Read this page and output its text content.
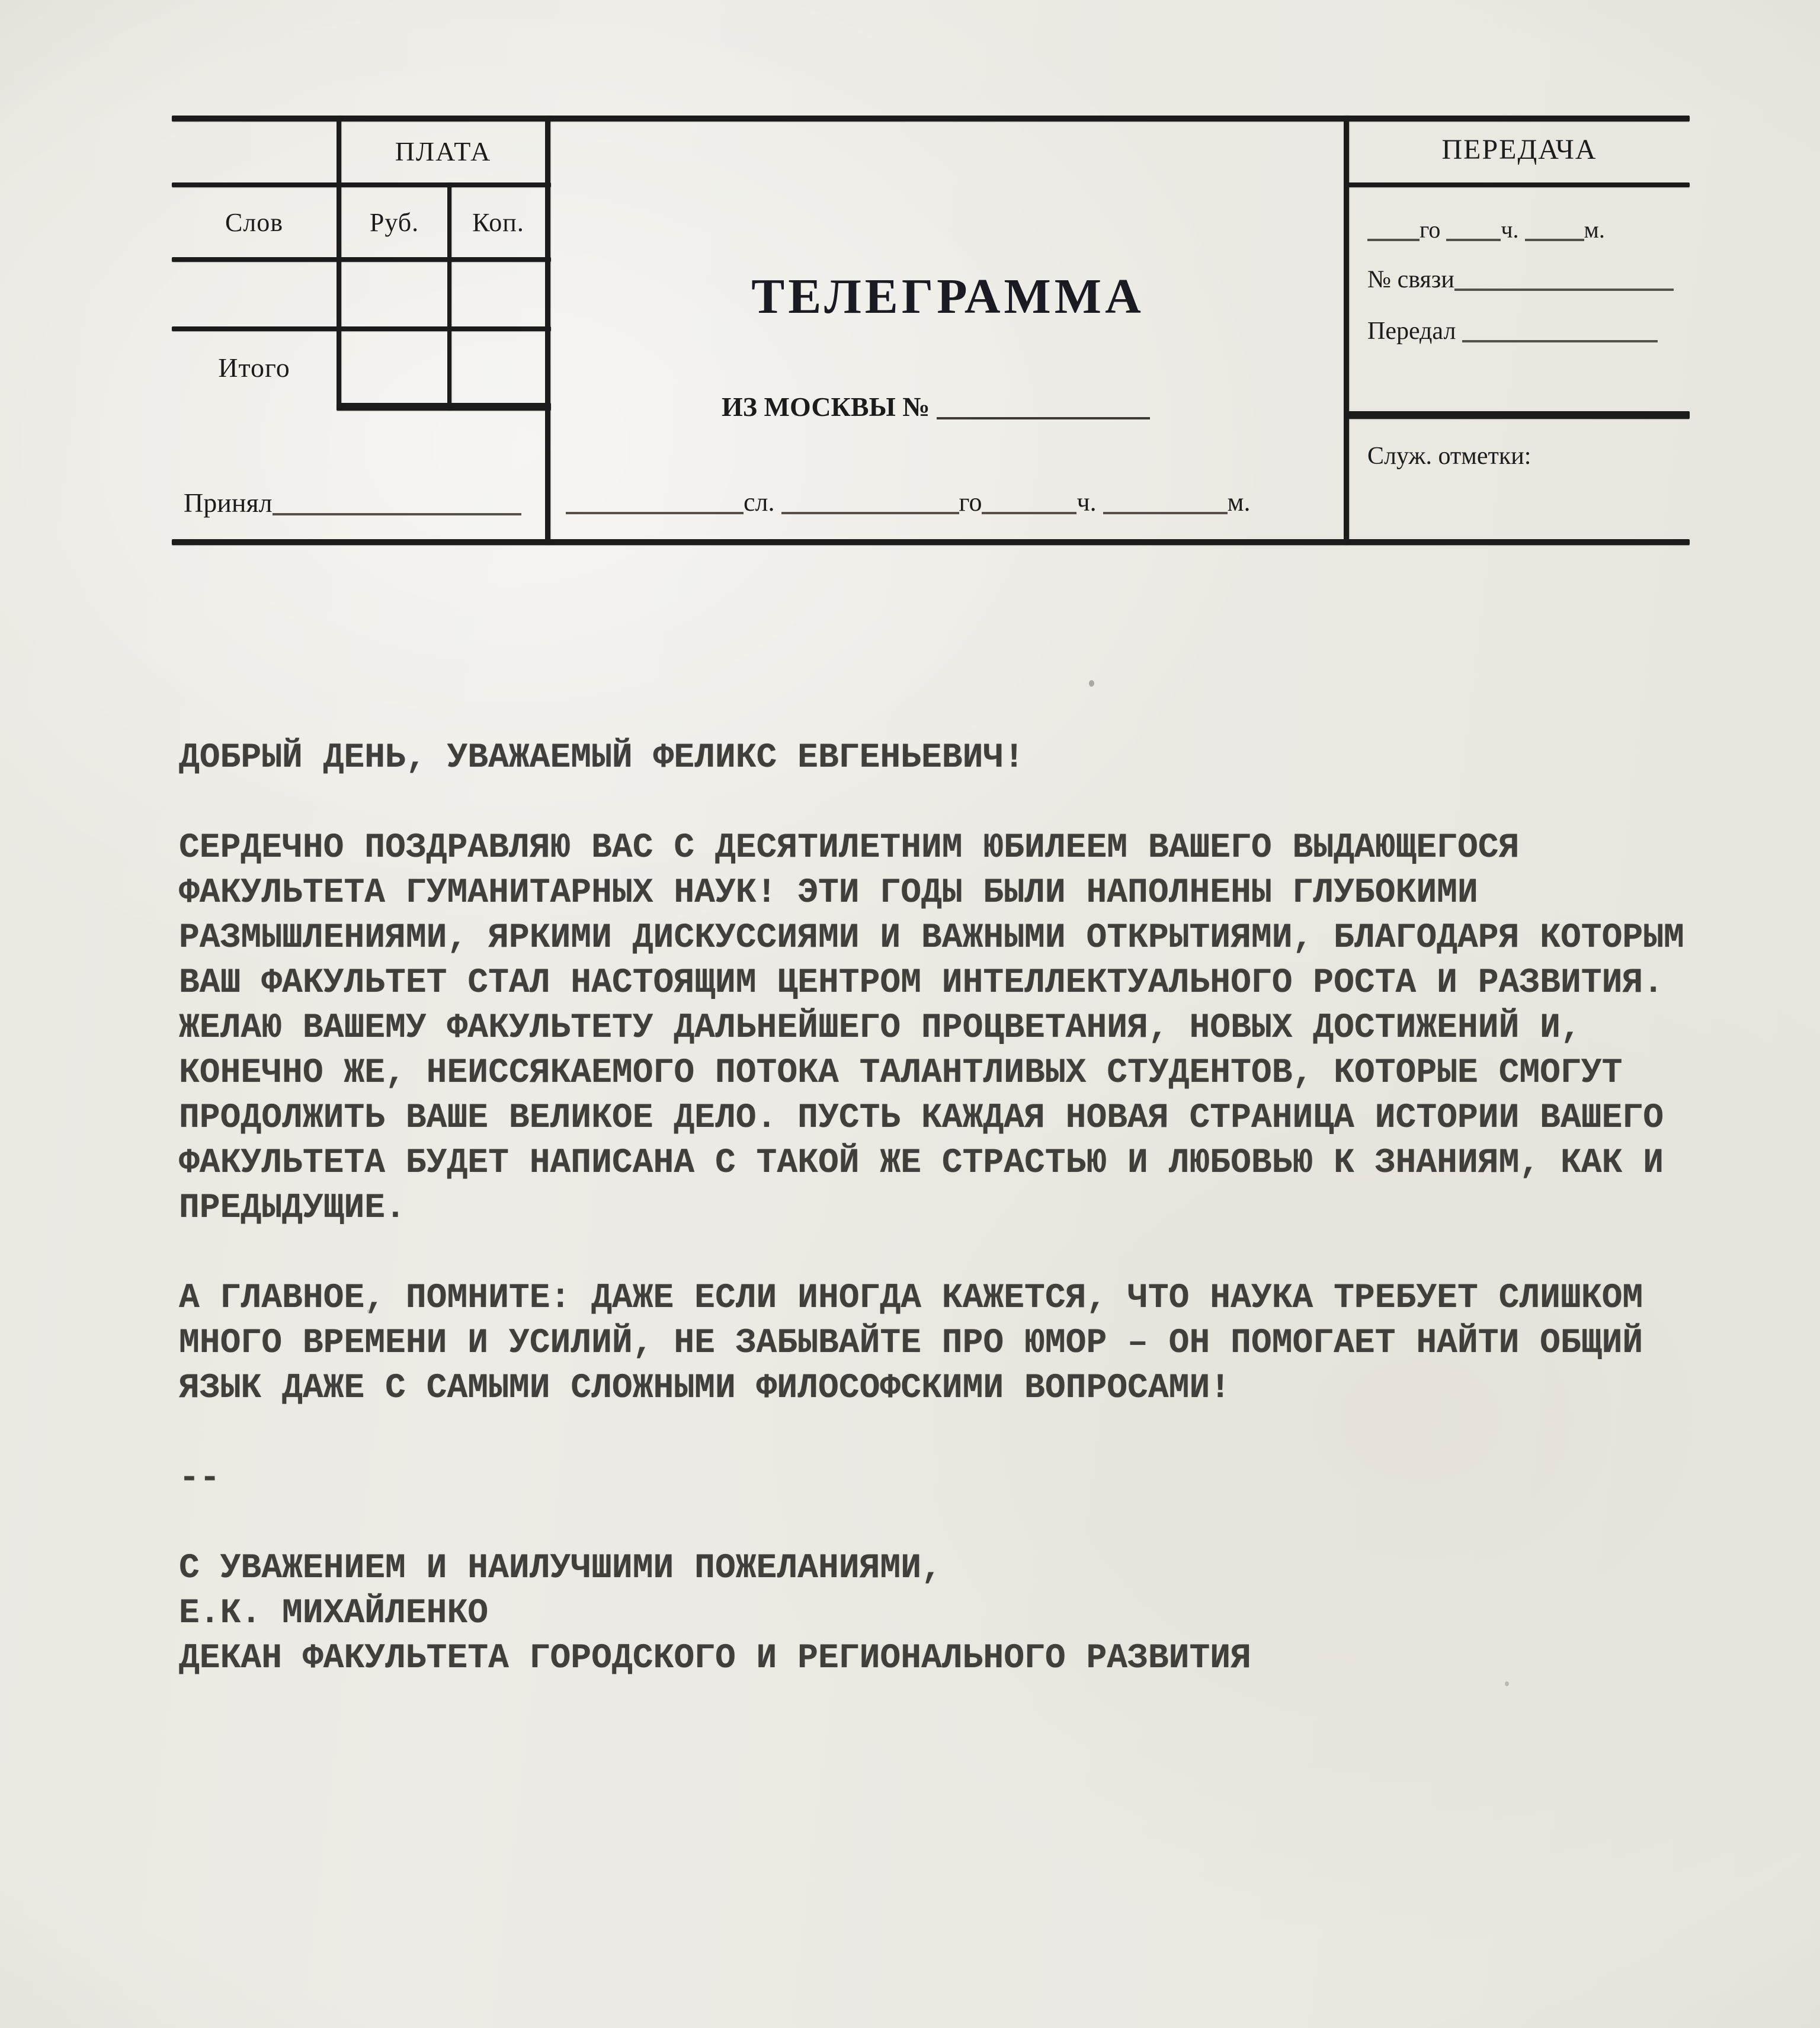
ПЛАТА
Слов	Руб. Коп.
Итого
Принял
ТЕЛЕГРАММА
ИЗ МОСКВЫ №
сл.	го	ч.	м.
ПЕРЕДАЧА
го	ч.	м.
№ связи
Передал
Служ. отметки:
ДОБРЫЙ ДЕНЬ, УВАЖАЕМЫЙ ФЕЛИКС ЕВГЕНЬЕВИЧ!
СЕРДЕЧНО ПОЗДРАВЛЯЮ ВАС С ДЕСЯТИЛЕТНИМ ЮБИЛЕЕМ ВАШЕГО ВЫДАЮЩЕГОСЯ
ФАКУЛЬТЕТА ГУМАНИТАРНЫХ НАУК! ЭТИ ГОДЫ БЫЛИ НАПОЛНЕНЫ ГЛУБОКИМИ
РАЗМЫШЛЕНИЯМИ, ЯРКИМИ ДИСКУССИЯМИ И ВАЖНЫМИ ОТКРЫТИЯМИ, БЛАГОДАРЯ КОТОРЫМ
ВАШ ФАКУЛЬТЕТ СТАЛ НАСТОЯЩИМ ЦЕНТРОМ ИНТЕЛЛЕКТУАЛЬНОГО РОСТА И РАЗВИТИЯ.
ЖЕЛАЮ ВАШЕМУ ФАКУЛЬТЕТУ ДАЛЬНЕЙШЕГО ПРОЦВЕТАНИЯ, НОВЫХ ДОСТИЖЕНИЙ И,
КОНЕЧНО ЖЕ, НЕИССЯКАЕМОГО ПОТОКА ТАЛАНТЛИВЫХ СТУДЕНТОВ, КОТОРЫЕ СМОГУТ
ПРОДОЛЖИТЬ ВАШЕ ВЕЛИКОЕ ДЕЛО. ПУСТЬ КАЖДАЯ НОВАЯ СТРАНИЦА ИСТОРИИ ВАШЕГО
ФАКУЛЬТЕТА БУДЕТ НАПИСАНА С ТАКОЙ ЖЕ СТРАСТЬЮ И ЛЮБОВЬЮ К ЗНАНИЯМ, КАК И
ПРЕДЫДУЩИЕ.
А ГЛАВНОЕ, ПОМНИТЕ: ДАЖЕ ЕСЛИ ИНОГДА КАЖЕТСЯ, ЧТО НАУКА ТРЕБУЕТ СЛИШКОМ
МНОГО ВРЕМЕНИ И УСИЛИЙ, НЕ ЗАБЫВАЙТЕ ПРО ЮМОР – ОН ПОМОГАЕТ НАЙТИ ОБЩИЙ
ЯЗЫК ДАЖЕ С САМЫМИ СЛОЖНЫМИ ФИЛОСОФСКИМИ ВОПРОСАМИ!
--
С УВАЖЕНИЕМ И НАИЛУЧШИМИ ПОЖЕЛАНИЯМИ,
Е.К. МИХАЙЛЕНКО
ДЕКАН ФАКУЛЬТЕТА ГОРОДСКОГО И РЕГИОНАЛЬНОГО РАЗВИТИЯ
